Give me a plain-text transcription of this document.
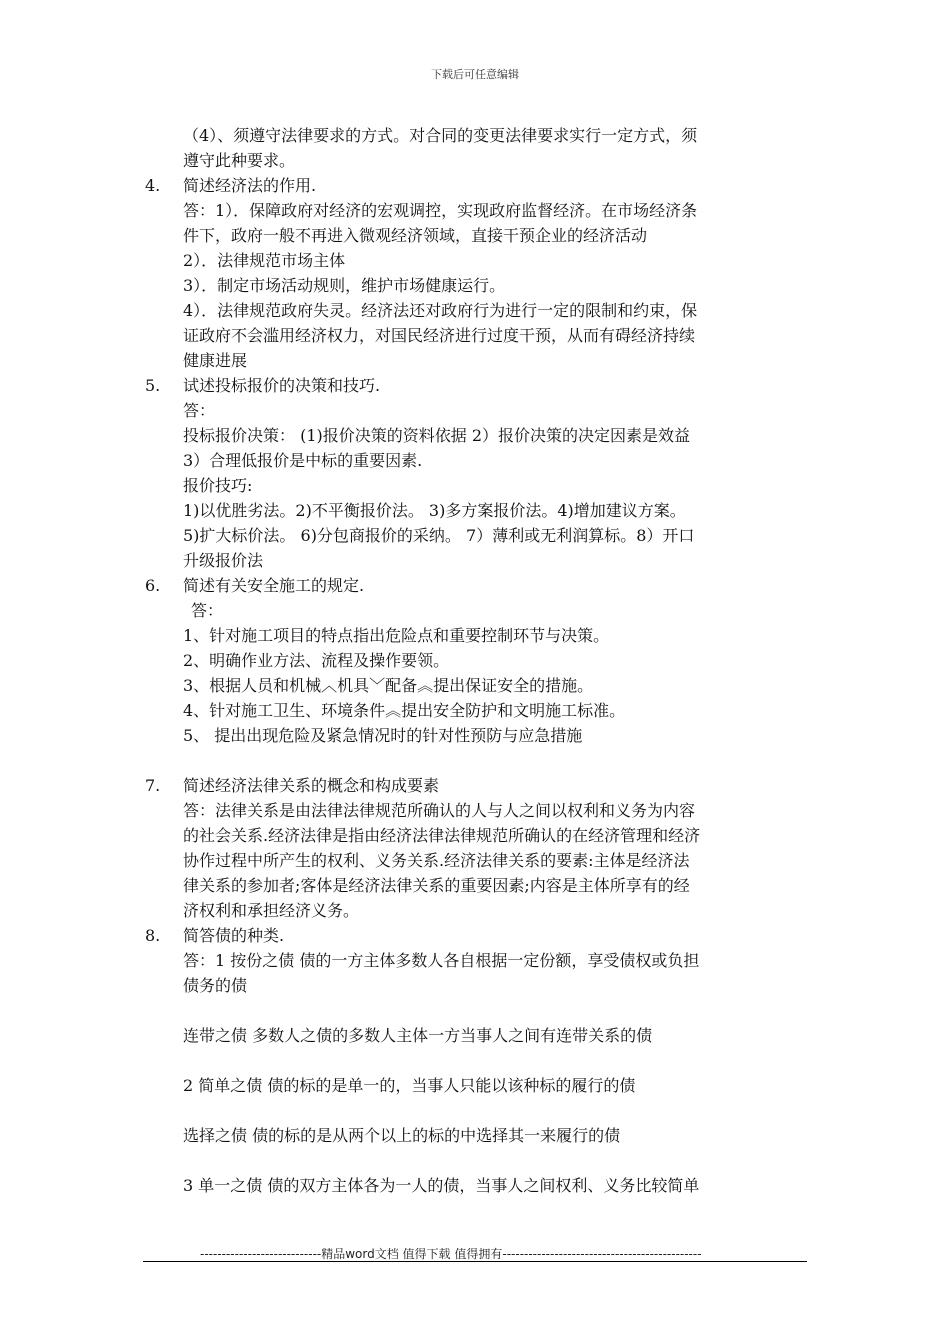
下载后可任意编辑
（4）、须遵守法律要求的方式。对合同的变更法律要求实行一定方式，须
遵守此种要求。
4.	简述经济法的作用.
答：1）．保障政府对经济的宏观调控，实现政府监督经济。在市场经济条
件下，政府一般不再进入微观经济领域，直接干预企业的经济活动
2）．法律规范市场主体
3）．制定市场活动规则，维护市场健康运行。
4）．法律规范政府失灵。经济法还对政府行为进行一定的限制和约束，保
证政府不会滥用经济权力，对国民经济进行过度干预，从而有碍经济持续
健康进展
5.	试述投标报价的决策和技巧.
答：
投标报价决策： (1)报价决策的资料依据 2）报价决策的决定因素是效益
3）合理低报价是中标的重要因素.
报价技巧:
1)以优胜劣法。2)不平衡报价法。 3)多方案报价法。4)增加建议方案。
5)扩大标价法。 6)分包商报价的采纳。 7）薄利或无利润算标。8）开口
升级报价法
6.	简述有关安全施工的规定.
答：
1、针对施工项目的特点指出危险点和重要控制环节与决策。
2、明确作业方法、流程及操作要领。
3、根据人员和机械︿机具﹀配备︽提出保证安全的措施。
4、针对施工卫生、环境条件︽提出安全防护和文明施工标准。
5、 提出出现危险及紧急情况时的针对性预防与应急措施
7.	简述经济法律关系的概念和构成要素
答：法律关系是由法律法律规范所确认的人与人之间以权利和义务为内容
的社会关系.经济法律是指由经济法律法律规范所确认的在经济管理和经济
协作过程中所产生的权利、义务关系.经济法律关系的要素:主体是经济法
律关系的参加者;客体是经济法律关系的重要因素;内容是主体所享有的经
济权利和承担经济义务。
8.	简答债的种类.
答：1 按份之债 债的一方主体多数人各自根据一定份额，享受债权或负担
债务的债
连带之债 多数人之债的多数人主体一方当事人之间有连带关系的债
2 简单之债 债的标的是单一的，当事人只能以该种标的履行的债
选择之债 债的标的是从两个以上的标的中选择其一来履行的债
3 单一之债 债的双方主体各为一人的债，当事人之间权利、义务比较简单
----------------------------精品word文档 值得下载 值得拥有----------------------------------------------
